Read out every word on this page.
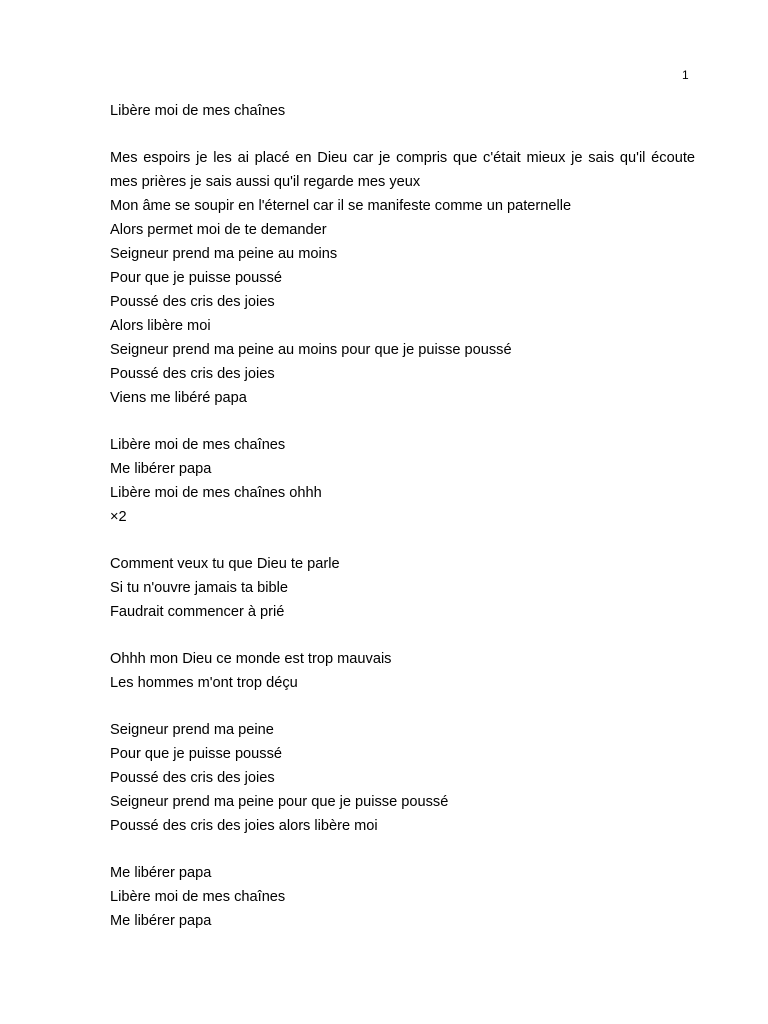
1
Libère moi de mes chaînes
Mes espoirs je les ai placé en Dieu car je compris que c'était mieux je sais qu'il écoute mes prières je sais aussi qu'il regarde mes yeux
Mon âme se soupir en l'éternel car il se manifeste comme un paternelle
Alors permet moi de te demander
Seigneur prend ma peine au moins
Pour que je puisse poussé
Poussé des cris des joies
Alors libère moi
Seigneur prend ma peine au moins pour que je puisse poussé
Poussé des cris des joies
Viens me libéré papa
Libère moi de mes chaînes
Me libérer papa
Libère moi de mes chaînes ohhh
×2
Comment veux tu que Dieu te parle
Si tu n'ouvre jamais ta bible
Faudrait commencer à prié
Ohhh mon Dieu ce monde est trop mauvais
Les hommes m'ont trop déçu
Seigneur prend ma peine
Pour que je puisse poussé
Poussé des cris des joies
Seigneur prend ma peine pour que je puisse poussé
Poussé des cris des joies alors libère moi
Me libérer papa
Libère moi de mes chaînes
Me libérer papa
